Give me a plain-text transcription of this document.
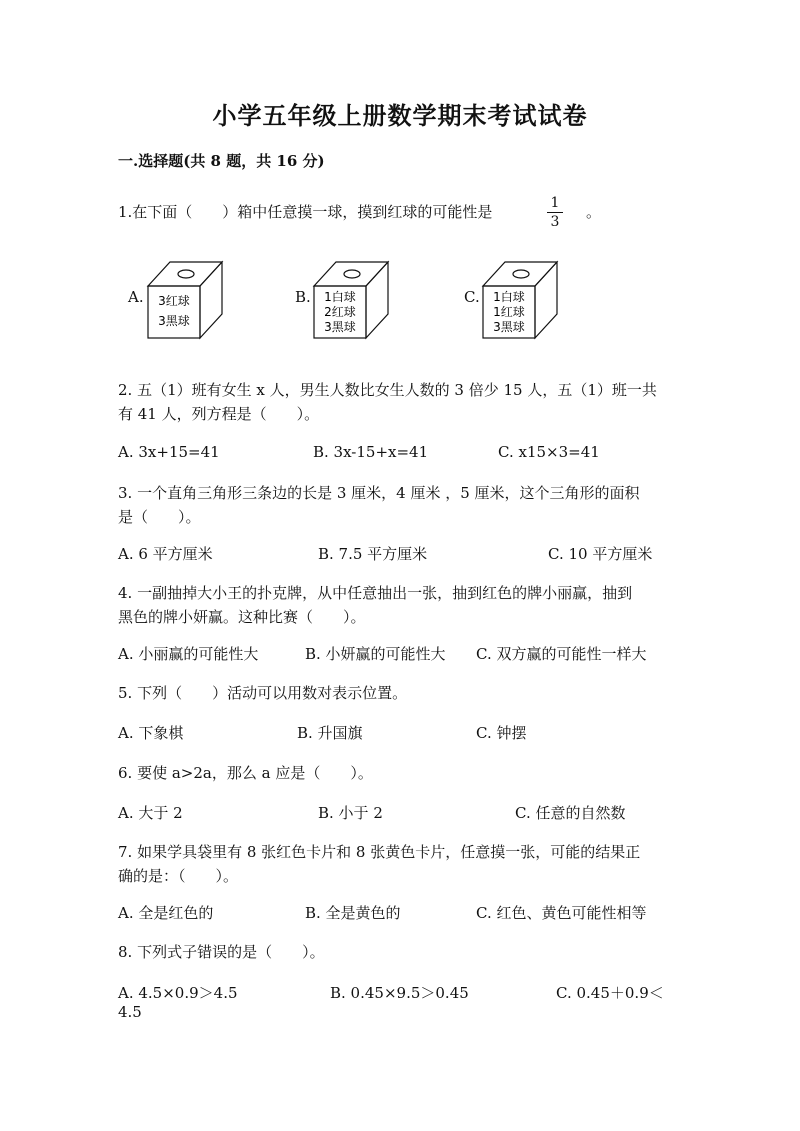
小学五年级上册数学期末考试试卷
一.选择题(共 8 题，共 16 分)
1.在下面（　　）箱中任意摸一球，摸到红球的可能性是	1
3
。
A. 3红球
3黑球
B. 1白球
2红球
3黑球
C. 1白球
1红球
3黑球
2. 五（1）班有女生 x 人，男生人数比女生人数的 3 倍少 15 人，五（1）班一共
有 41 人，列方程是（　　）。
A. 3x+15=41	B. 3x-15+x=41	C. x15×3=41
3. 一个直角三角形三条边的长是 3 厘米，4 厘米 ，5 厘米，这个三角形的面积
是（　　）。
A. 6 平方厘米	B. 7.5 平方厘米	C. 10 平方厘米
4. 一副抽掉大小王的扑克牌，从中任意抽出一张，抽到红色的牌小丽赢，抽到
黑色的牌小妍赢。这种比赛（　　）。
A. 小丽赢的可能性大	B. 小妍赢的可能性大 C. 双方赢的可能性一样大
5. 下列（　　）活动可以用数对表示位置。
A. 下象棋	B. 升国旗	C. 钟摆
6. 要使 a>2a，那么 a 应是（　　）。
A. 大于 2	B. 小于 2	C. 任意的自然数
7. 如果学具袋里有 8 张红色卡片和 8 张黄色卡片，任意摸一张，可能的结果正
确的是：（　　）。
A. 全是红色的	B. 全是黄色的	C. 红色、黄色可能性相等
8. 下列式子错误的是（　　）。
A. 4.5×0.9＞4.5	B. 0.45×9.5＞0.45	C. 0.45＋0.9＜
4.5
